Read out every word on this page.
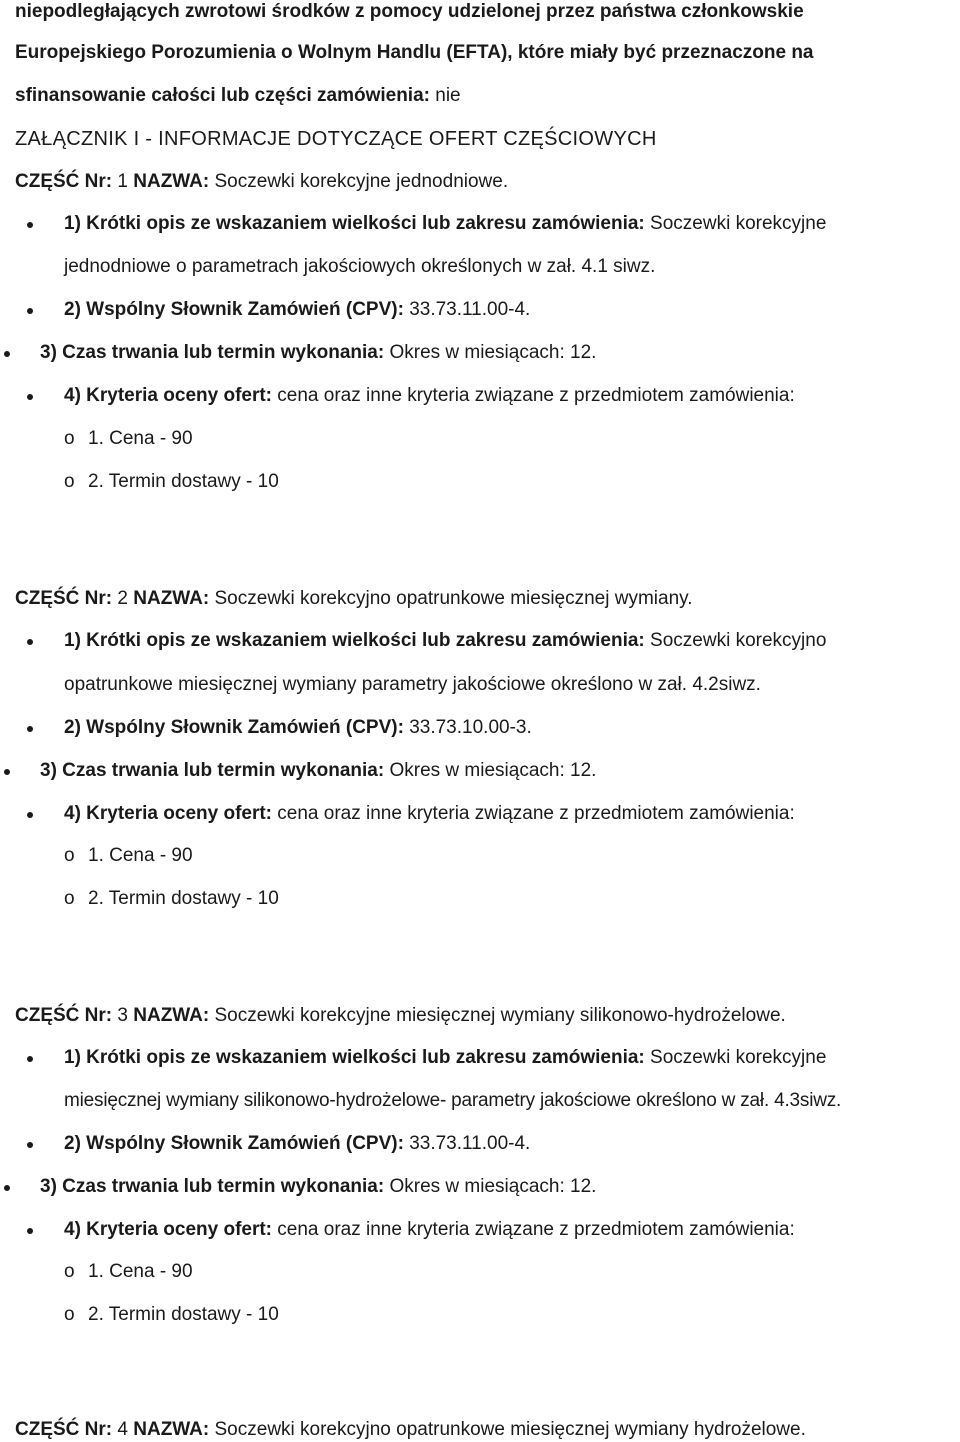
niepodległających zwrotowi środków z pomocy udzielonej przez państwa członkowskie
Europejskiego Porozumienia o Wolnym Handlu (EFTA), które miały być przeznaczone na
sfinansowanie całości lub części zamówienia: nie
ZAŁĄCZNIK I - INFORMACJE DOTYCZĄCE OFERT CZĘŚCIOWYCH
CZĘŚĆ Nr: 1 NAZWA: Soczewki korekcyjne jednodniowe.
1) Krótki opis ze wskazaniem wielkości lub zakresu zamówienia: Soczewki korekcyjne
jednodniowe o parametrach jakościowych określonych w zał. 4.1 siwz.
2) Wspólny Słownik Zamówień (CPV): 33.73.11.00-4.
3) Czas trwania lub termin wykonania: Okres w miesiącach: 12.
4) Kryteria oceny ofert: cena oraz inne kryteria związane z przedmiotem zamówienia:
o 1. Cena - 90
o 2. Termin dostawy - 10
CZĘŚĆ Nr: 2 NAZWA: Soczewki korekcyjno opatrunkowe miesięcznej wymiany.
1) Krótki opis ze wskazaniem wielkości lub zakresu zamówienia: Soczewki korekcyjno
opatrunkowe miesięcznej wymiany parametry jakościowe określono w zał. 4.2siwz.
2) Wspólny Słownik Zamówień (CPV): 33.73.10.00-3.
3) Czas trwania lub termin wykonania: Okres w miesiącach: 12.
4) Kryteria oceny ofert: cena oraz inne kryteria związane z przedmiotem zamówienia:
o 1. Cena - 90
o 2. Termin dostawy - 10
CZĘŚĆ Nr: 3 NAZWA: Soczewki korekcyjne miesięcznej wymiany silikonowo-hydrożelowe.
1) Krótki opis ze wskazaniem wielkości lub zakresu zamówienia: Soczewki korekcyjne
miesięcznej wymiany silikonowo-hydrożelowe- parametry jakościowe określono w zał. 4.3siwz.
2) Wspólny Słownik Zamówień (CPV): 33.73.11.00-4.
3) Czas trwania lub termin wykonania: Okres w miesiącach: 12.
4) Kryteria oceny ofert: cena oraz inne kryteria związane z przedmiotem zamówienia:
o 1. Cena - 90
o 2. Termin dostawy - 10
CZĘŚĆ Nr: 4 NAZWA: Soczewki korekcyjno opatrunkowe miesięcznej wymiany hydrożelowe.
